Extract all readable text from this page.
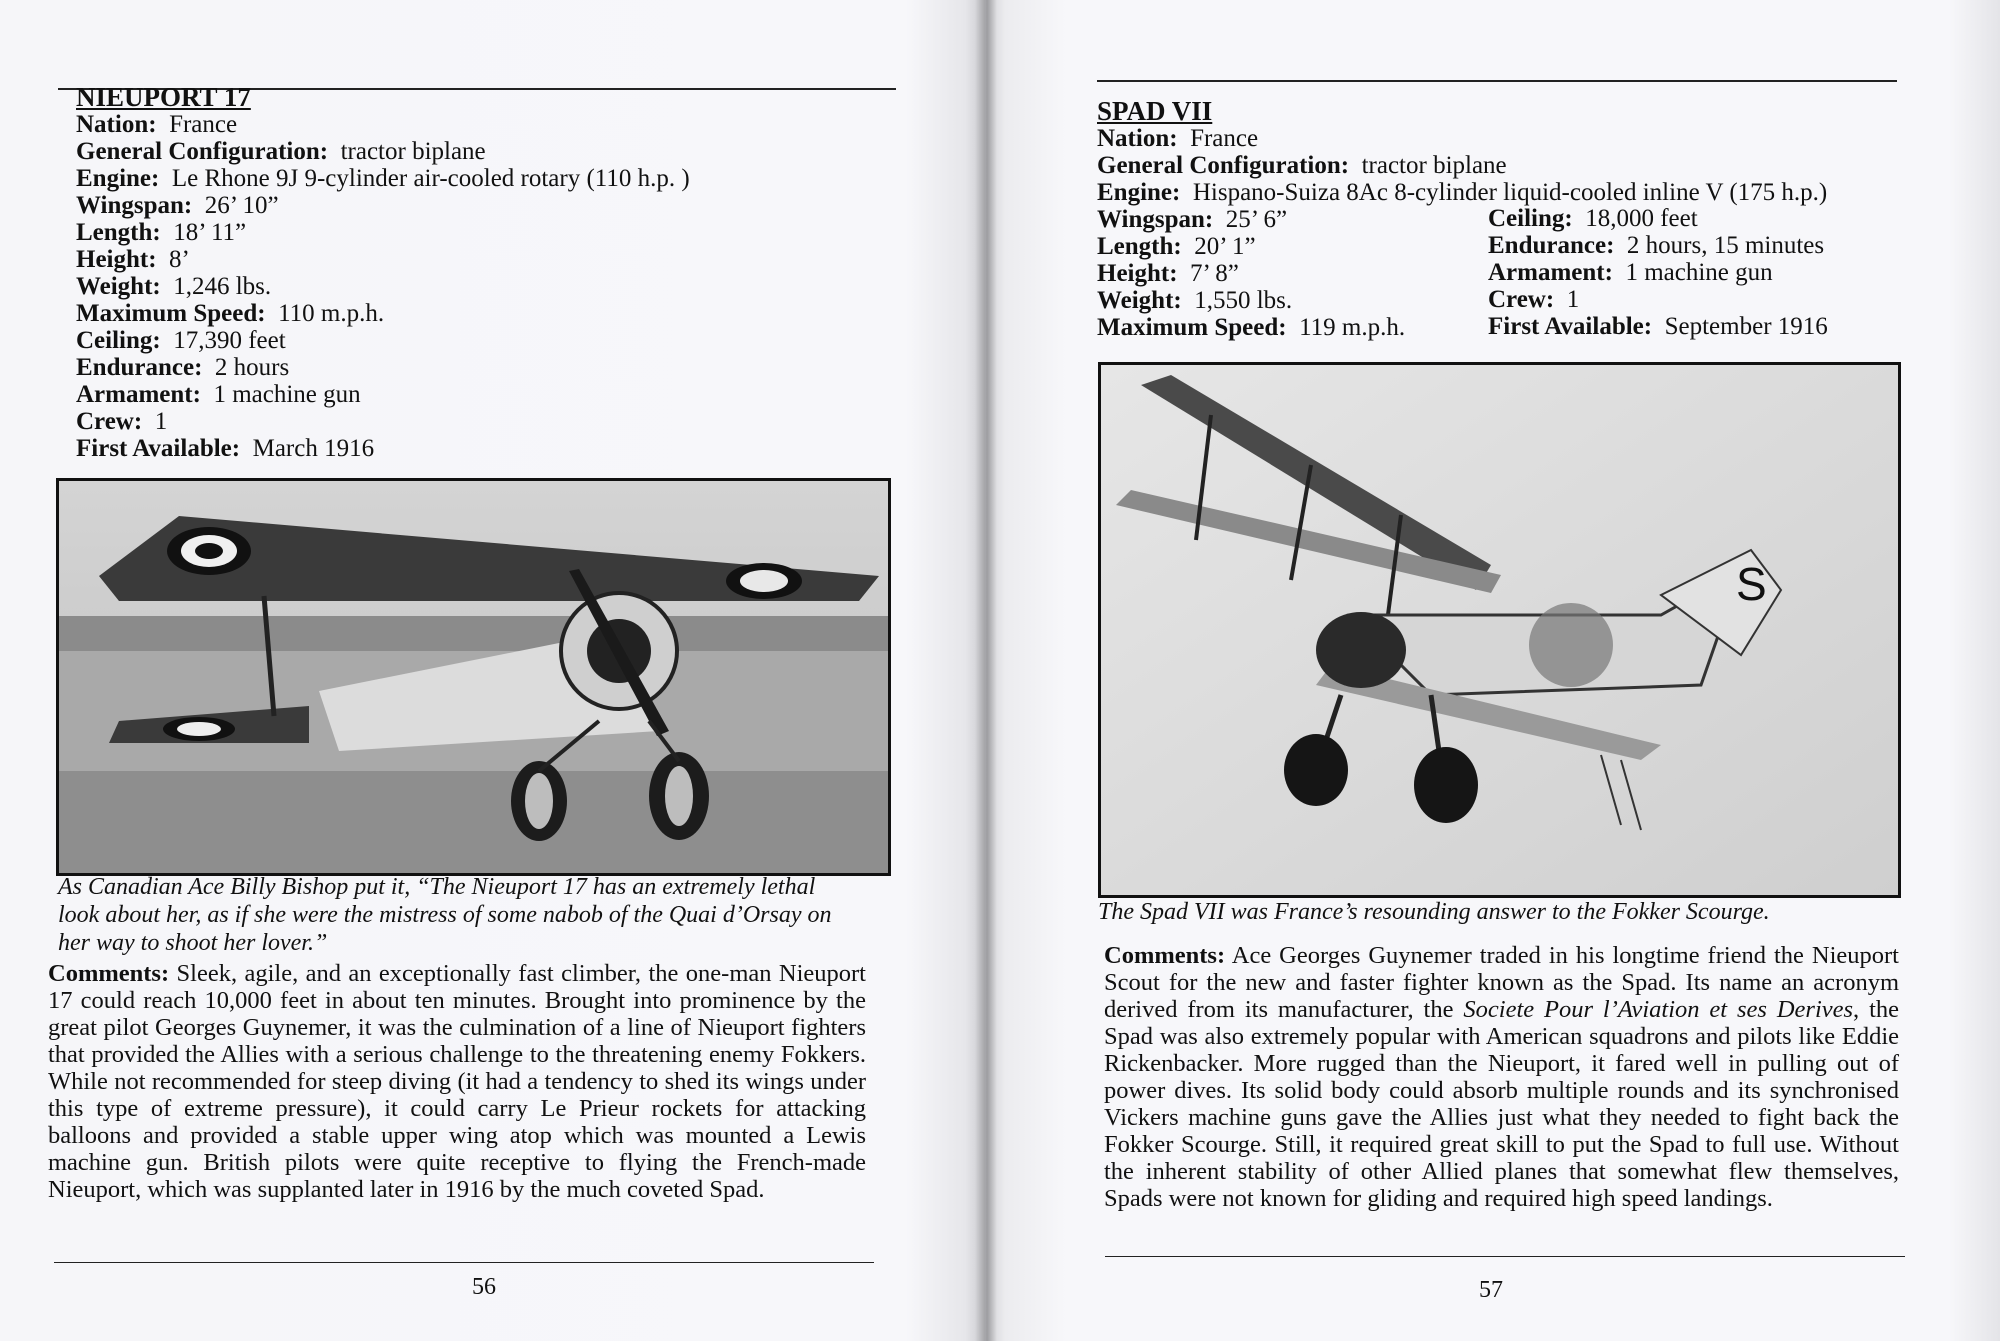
NIEUPORT 17
Nation: France
General Configuration: tractor biplane
Engine: Le Rhone 9J 9-cylinder air-cooled rotary (110 h.p. )
Wingspan: 26’ 10”
Length: 18’ 11”
Height: 8’
Weight: 1,246 lbs.
Maximum Speed: 110 m.p.h.
Ceiling: 17,390 feet
Endurance: 2 hours
Armament: 1 machine gun
Crew: 1
First Available: March 1916
As Canadian Ace Billy Bishop put it, “The Nieuport 17 has an extremely lethal look about her, as if she were the mistress of some nabob of the Quai d’Orsay on her way to shoot her lover.”
Comments: Sleek, agile, and an exceptionally fast climber, the one-man Nieuport 17 could reach 10,000 feet in about ten minutes. Brought into prominence by the great pilot Georges Guynemer, it was the culmination of a line of Nieuport fighters that provided the Allies with a serious challenge to the threatening enemy Fokkers. While not recommended for steep diving (it had a tendency to shed its wings under this type of extreme pressure), it could carry Le Prieur rockets for attacking balloons and provided a stable upper wing atop which was mounted a Lewis machine gun. British pilots were quite receptive to flying the French-made Nieuport, which was supplanted later in 1916 by the much coveted Spad.
56
SPAD VII
Nation: France
General Configuration: tractor biplane
Engine: Hispano-Suiza 8Ac 8-cylinder liquid-cooled inline V (175 h.p.)
Wingspan: 25’ 6”
Length: 20’ 1”
Height: 7’ 8”
Weight: 1,550 lbs.
Maximum Speed: 119 m.p.h.
Ceiling: 18,000 feet
Endurance: 2 hours, 15 minutes
Armament: 1 machine gun
Crew: 1
First Available: September 1916
S
The Spad VII was France’s resounding answer to the Fokker Scourge.
Comments: Ace Georges Guynemer traded in his longtime friend the Nieuport Scout for the new and faster fighter known as the Spad. Its name an acronym derived from its manufacturer, the Societe Pour l’Aviation et ses Derives, the Spad was also extremely popular with American squadrons and pilots like Eddie Rickenbacker. More rugged than the Nieuport, it fared well in pulling out of power dives. Its solid body could absorb multiple rounds and its synchronised Vickers machine guns gave the Allies just what they needed to fight back the Fokker Scourge. Still, it required great skill to put the Spad to full use. Without the inherent stability of other Allied planes that somewhat flew themselves, Spads were not known for gliding and required high speed landings.
57
